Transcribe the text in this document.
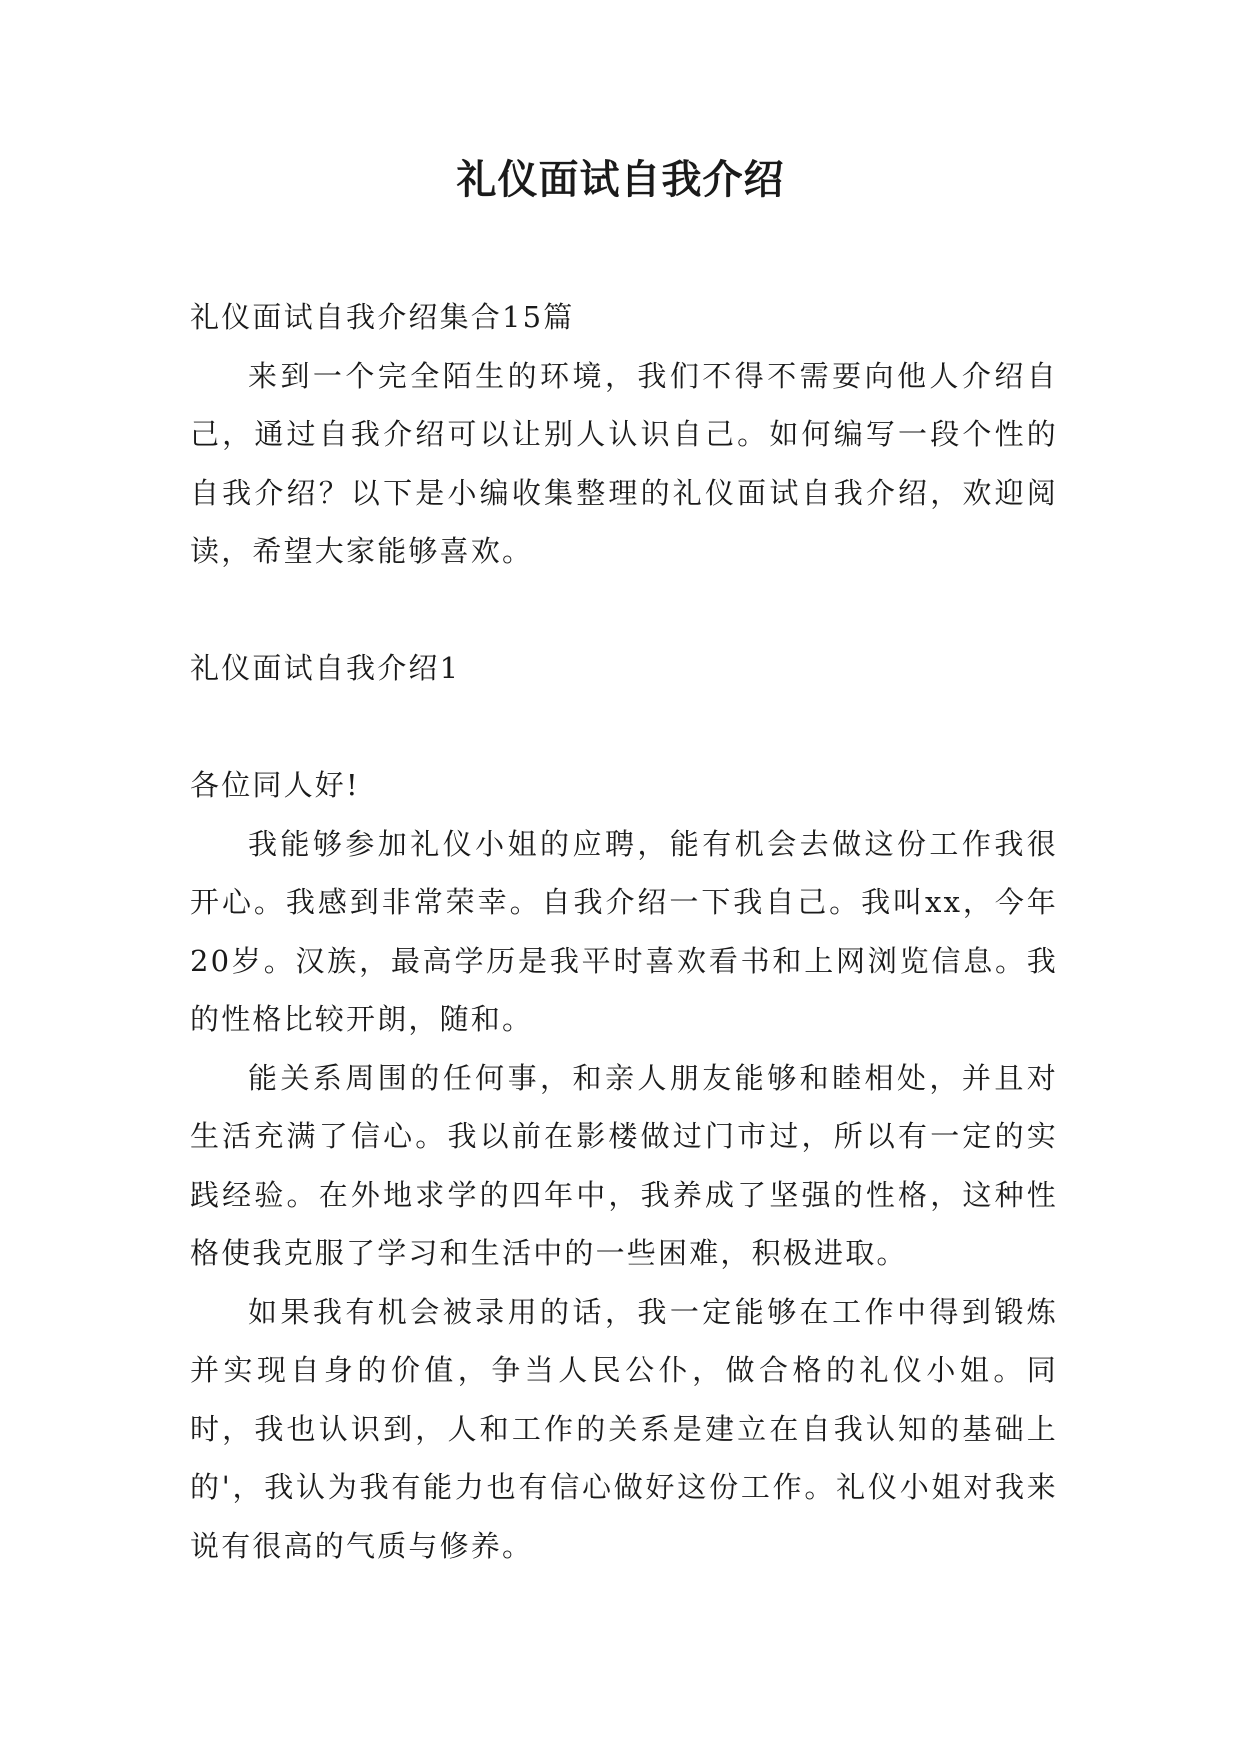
礼仪面试自我介绍

礼仪面试自我介绍集合15篇

来到一个完全陌生的环境，我们不得不需要向他人介绍自己，通过自我介绍可以让别人认识自己。如何编写一段个性的自我介绍？以下是小编收集整理的礼仪面试自我介绍，欢迎阅读，希望大家能够喜欢。

礼仪面试自我介绍1

各位同人好!

我能够参加礼仪小姐的应聘，能有机会去做这份工作我很开心。我感到非常荣幸。自我介绍一下我自己。我叫xx，今年20岁。汉族，最高学历是我平时喜欢看书和上网浏览信息。我的性格比较开朗，随和。

能关系周围的任何事，和亲人朋友能够和睦相处，并且对生活充满了信心。我以前在影楼做过门市过，所以有一定的实践经验。在外地求学的四年中，我养成了坚强的性格，这种性格使我克服了学习和生活中的一些困难，积极进取。

如果我有机会被录用的话，我一定能够在工作中得到锻炼并实现自身的价值，争当人民公仆，做合格的礼仪小姐。同时，我也认识到，人和工作的关系是建立在自我认知的基础上的'，我认为我有能力也有信心做好这份工作。礼仪小姐对我来说有很高的气质与修养。
